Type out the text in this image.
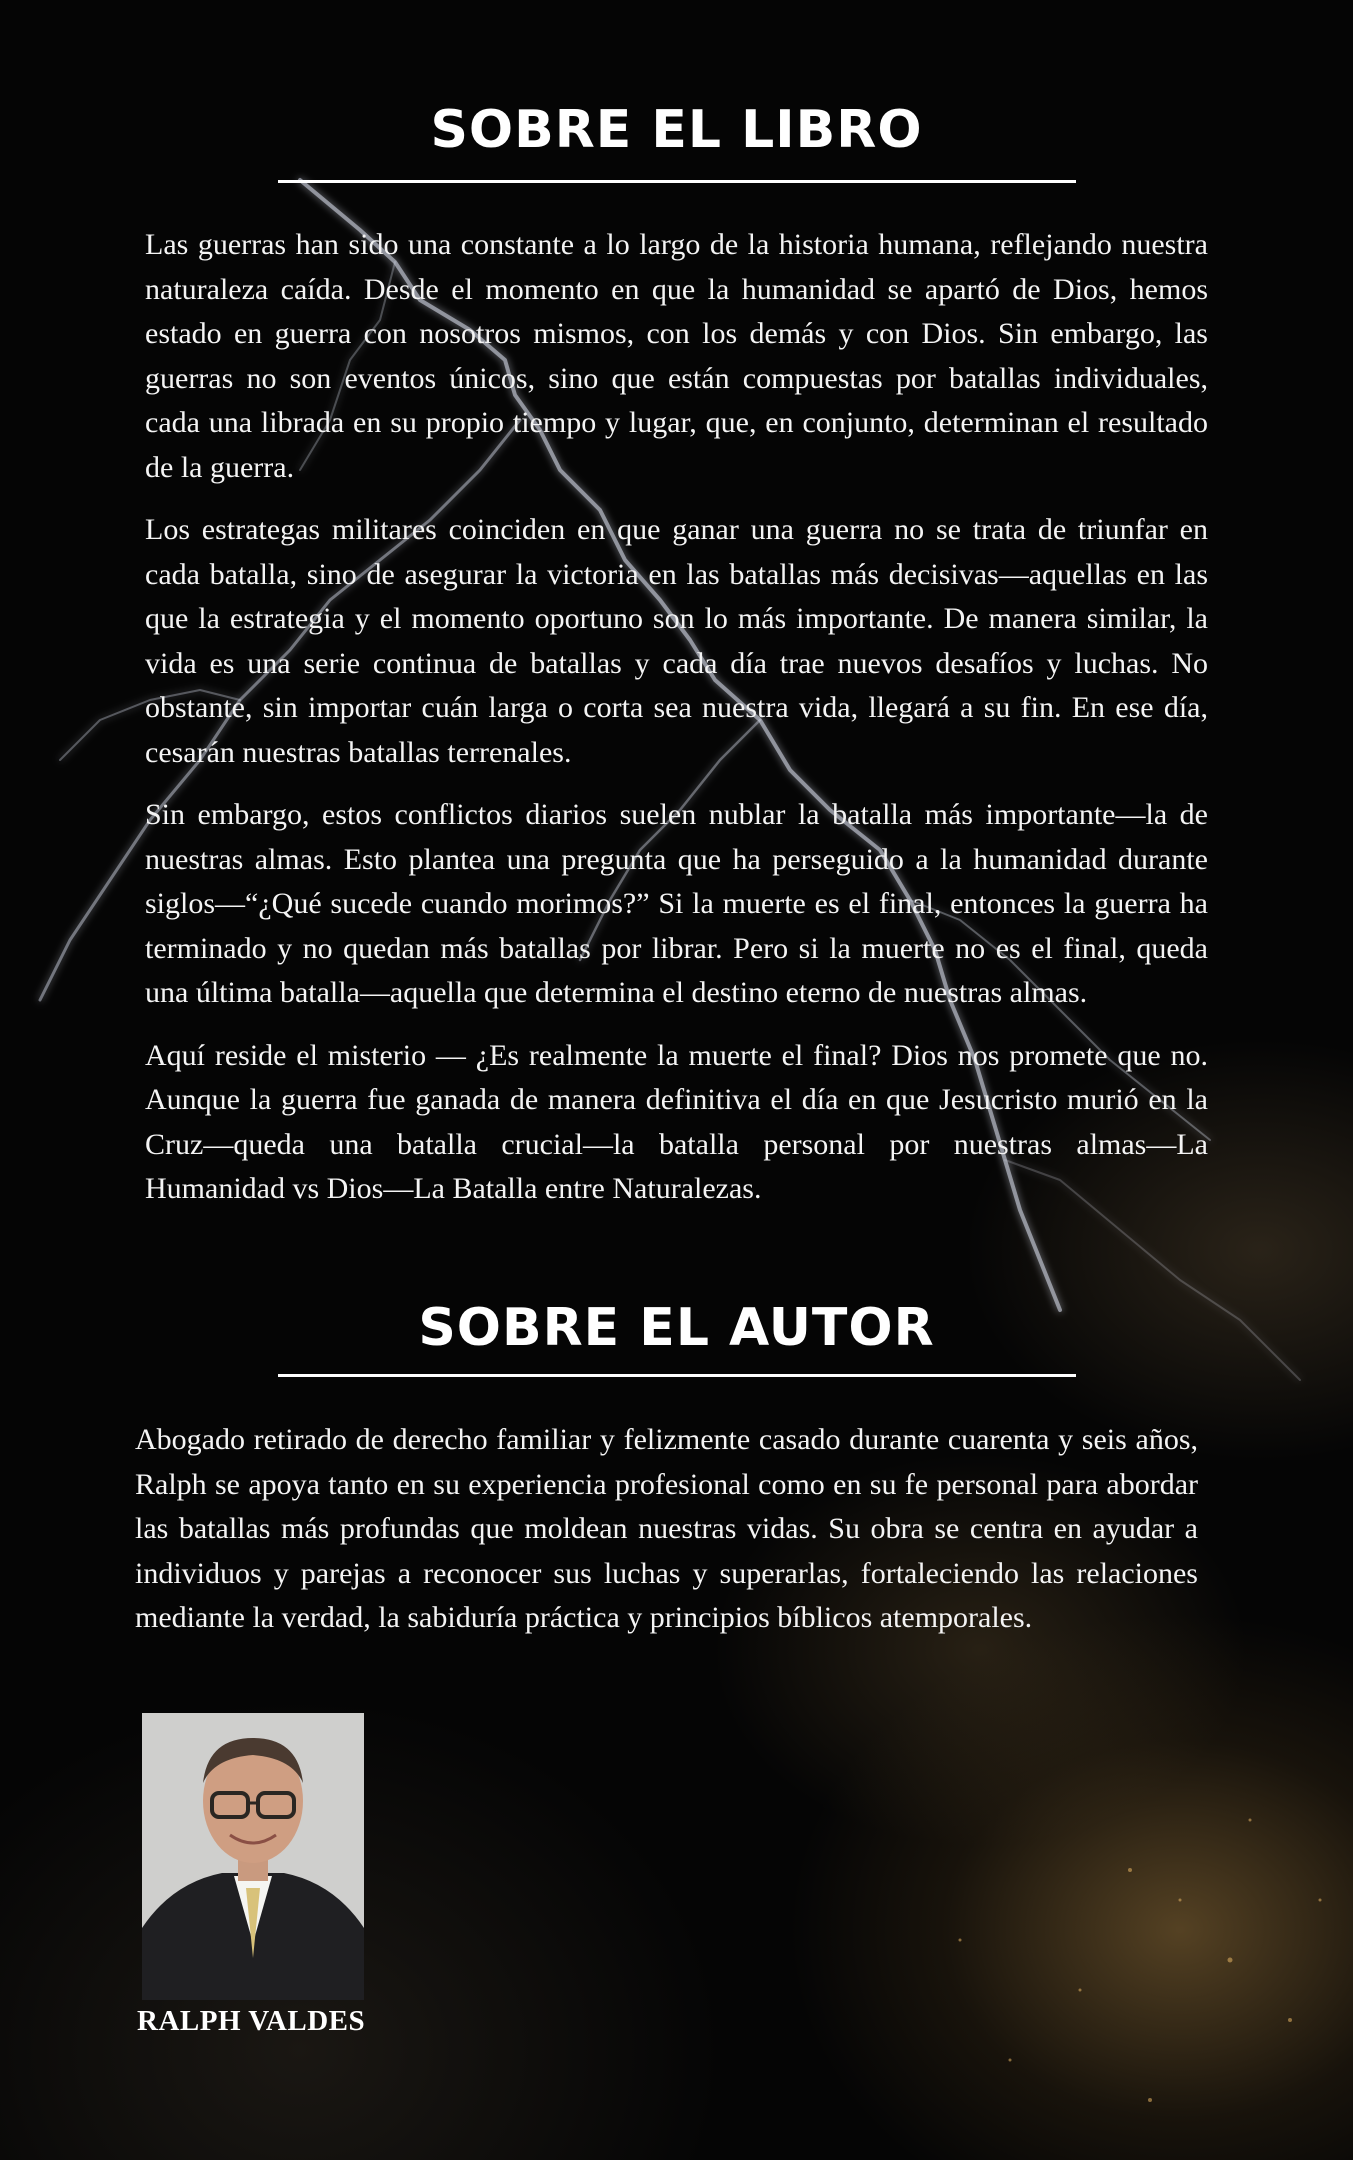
SOBRE EL LIBRO

Las guerras han sido una constante a lo largo de la historia humana, reflejando nuestra naturaleza caída. Desde el momento en que la humanidad se apartó de Dios, hemos estado en guerra con nosotros mismos, con los demás y con Dios. Sin embargo, las guerras no son eventos únicos, sino que están compuestas por batallas individuales, cada una librada en su propio tiempo y lugar, que, en conjunto, determinan el resultado de la guerra.

Los estrategas militares coinciden en que ganar una guerra no se trata de triunfar en cada batalla, sino de asegurar la victoria en las batallas más decisivas—aquellas en las que la estrategia y el momento oportuno son lo más importante. De manera similar, la vida es una serie continua de batallas y cada día trae nuevos desafíos y luchas. No obstante, sin importar cuán larga o corta sea nuestra vida, llegará a su fin. En ese día, cesarán nuestras batallas terrenales.

Sin embargo, estos conflictos diarios suelen nublar la batalla más importante—la de nuestras almas. Esto plantea una pregunta que ha perseguido a la humanidad durante siglos—“¿Qué sucede cuando morimos?” Si la muerte es el final, entonces la guerra ha terminado y no quedan más batallas por librar. Pero si la muerte no es el final, queda una última batalla—aquella que determina el destino eterno de nuestras almas.

Aquí reside el misterio — ¿Es realmente la muerte el final? Dios nos promete que no. Aunque la guerra fue ganada de manera definitiva el día en que Jesucristo murió en la Cruz—queda una batalla crucial—la batalla personal por nuestras almas—La Humanidad vs Dios—La Batalla entre Naturalezas.

SOBRE EL AUTOR

Abogado retirado de derecho familiar y felizmente casado durante cuarenta y seis años, Ralph se apoya tanto en su experiencia profesional como en su fe personal para abordar las batallas más profundas que moldean nuestras vidas. Su obra se centra en ayudar a individuos y parejas a reconocer sus luchas y superarlas, fortaleciendo las relaciones mediante la verdad, la sabiduría práctica y principios bíblicos atemporales.

RALPH VALDES
